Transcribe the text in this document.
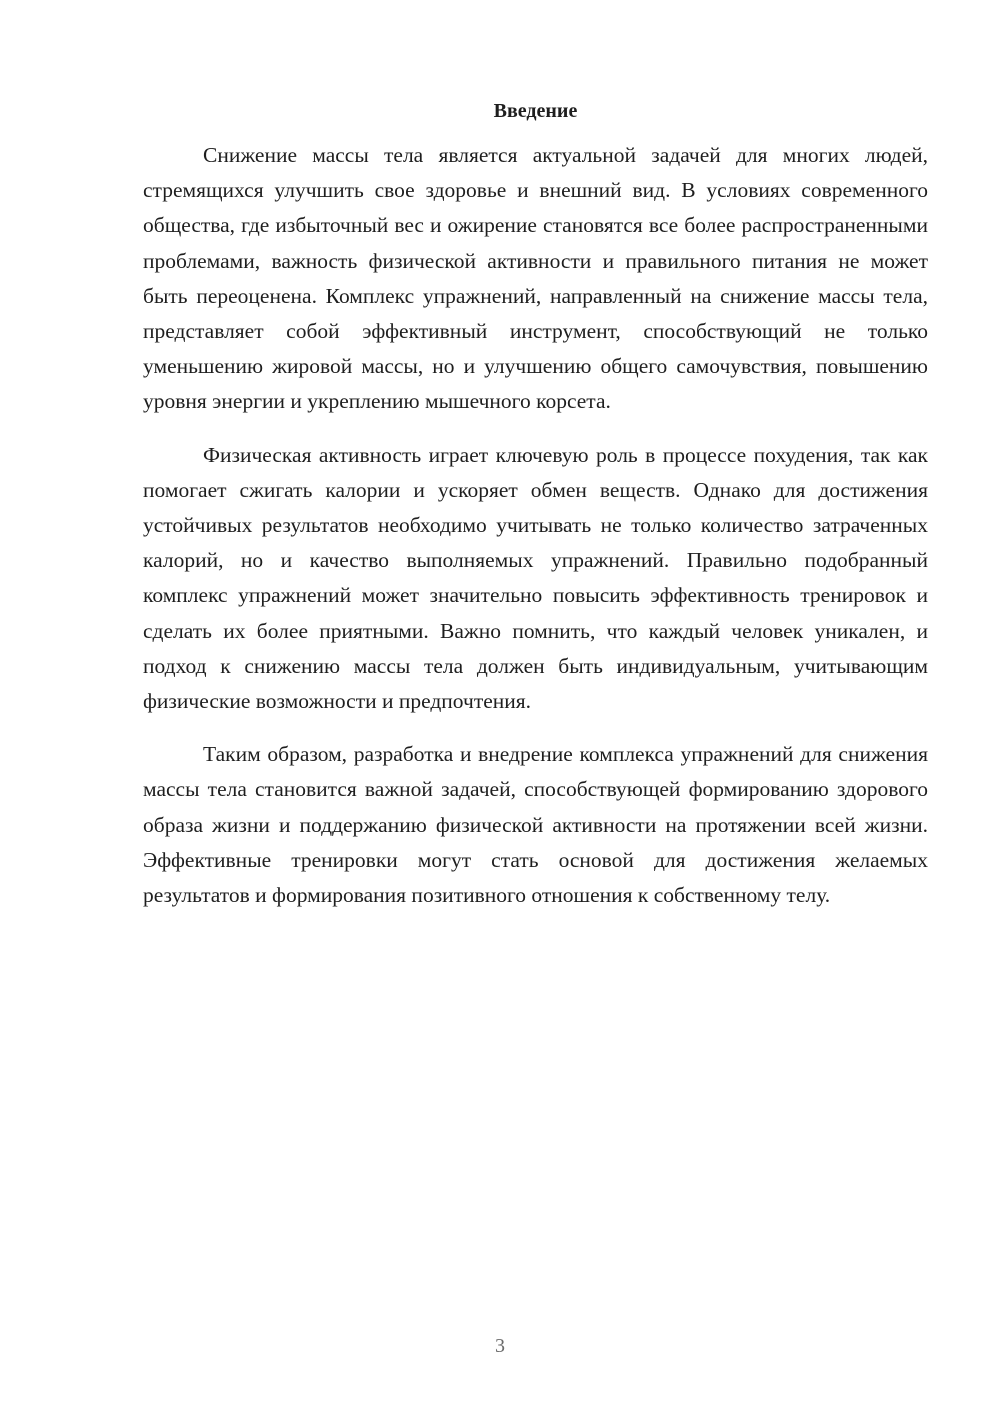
Введение

Снижение массы тела является актуальной задачей для многих людей, стремящихся улучшить свое здоровье и внешний вид. В условиях современного общества, где избыточный вес и ожирение становятся все более распространенными проблемами, важность физической активности и правильного питания не может быть переоценена. Комплекс упражнений, направленный на снижение массы тела, представляет собой эффективный инструмент, способствующий не только уменьшению жировой массы, но и улучшению общего самочувствия, повышению уровня энергии и укреплению мышечного корсета.

Физическая активность играет ключевую роль в процессе похудения, так как помогает сжигать калории и ускоряет обмен веществ. Однако для достижения устойчивых результатов необходимо учитывать не только количество затраченных калорий, но и качество выполняемых упражнений. Правильно подобранный комплекс упражнений может значительно повысить эффективность тренировок и сделать их более приятными. Важно помнить, что каждый человек уникален, и подход к снижению массы тела должен быть индивидуальным, учитывающим физические возможности и предпочтения.

Таким образом, разработка и внедрение комплекса упражнений для снижения массы тела становится важной задачей, способствующей формированию здорового образа жизни и поддержанию физической активности на протяжении всей жизни. Эффективные тренировки могут стать основой для достижения желаемых результатов и формирования позитивного отношения к собственному телу.

3
